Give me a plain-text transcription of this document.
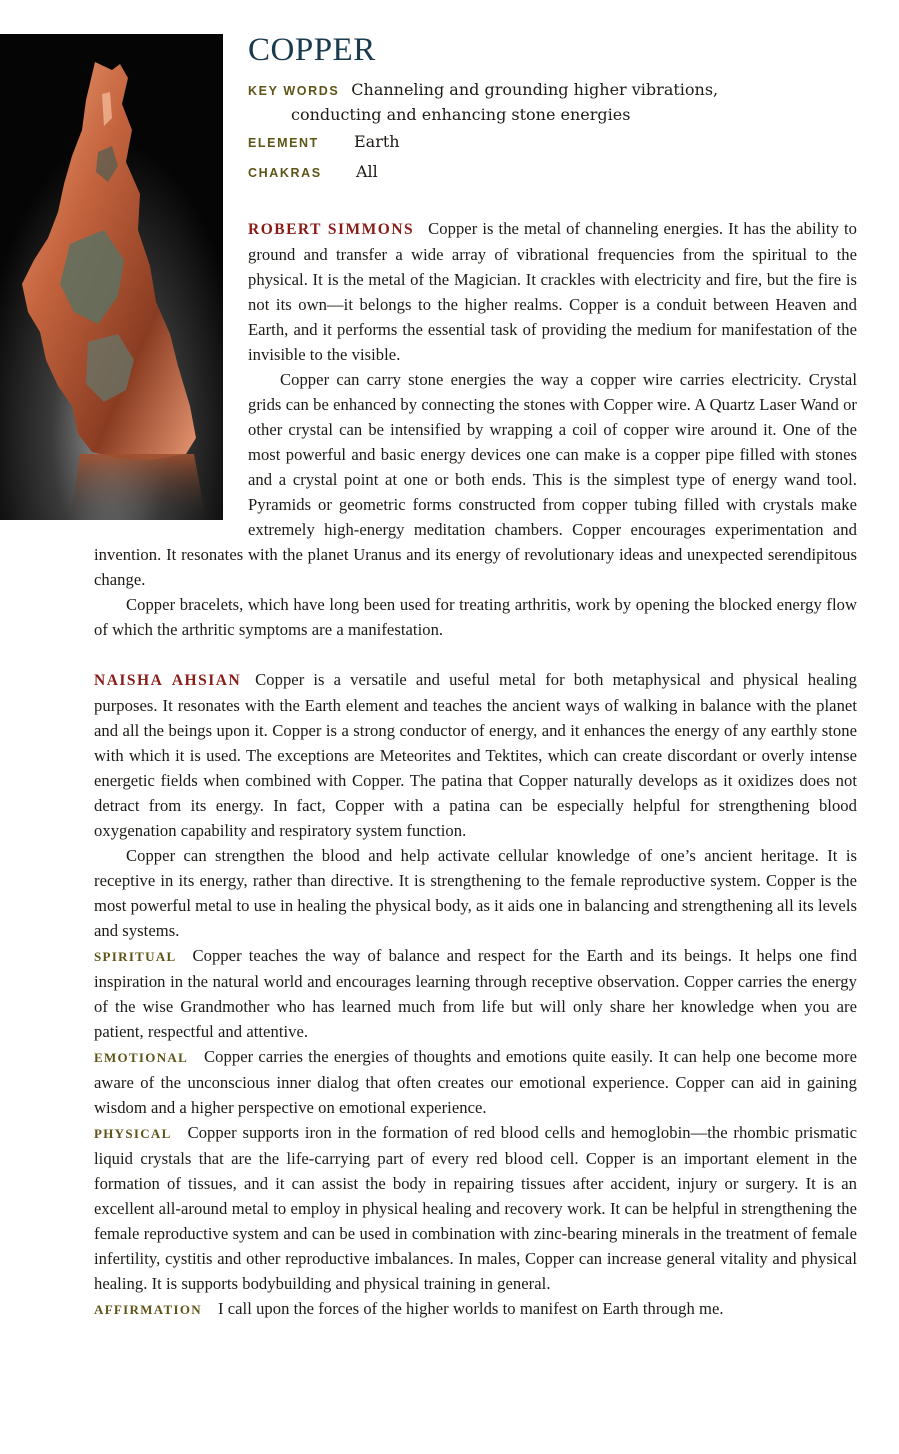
COPPER
KEY WORDS Channeling and grounding higher vibrations,
conducting and enhancing stone energies
ELEMENT Earth
CHAKRAS All

ROBERT SIMMONS Copper is the metal of channeling energies. It has the ability to ground and transfer a wide array of vibrational frequencies from the spiritual to the physical. It is the metal of the Magician. It crackles with electricity and fire, but the fire is not its own—it belongs to the higher realms. Copper is a conduit between Heaven and Earth, and it performs the essential task of providing the medium for manifestation of the invisible to the visible.

Copper can carry stone energies the way a copper wire carries electricity. Crystal grids can be enhanced by connecting the stones with Copper wire. A Quartz Laser Wand or other crystal can be intensified by wrapping a coil of copper wire around it. One of the most powerful and basic energy devices one can make is a copper pipe filled with stones and a crystal point at one or both ends. This is the simplest type of energy wand tool. Pyramids or geometric forms constructed from copper tubing filled with crystals make extremely high-energy meditation chambers. Copper encourages experimentation and invention. It resonates with the planet Uranus and its energy of revolutionary ideas and unexpected serendipitous change.

Copper bracelets, which have long been used for treating arthritis, work by opening the blocked energy flow of which the arthritic symptoms are a manifestation.

NAISHA AHSIAN Copper is a versatile and useful metal for both metaphysical and physical healing purposes. It resonates with the Earth element and teaches the ancient ways of walking in balance with the planet and all the beings upon it. Copper is a strong conductor of energy, and it enhances the energy of any earthly stone with which it is used. The exceptions are Meteorites and Tektites, which can create discordant or overly intense energetic fields when combined with Copper. The patina that Copper naturally develops as it oxidizes does not detract from its energy. In fact, Copper with a patina can be especially helpful for strengthening blood oxygenation capability and respiratory system function.

Copper can strengthen the blood and help activate cellular knowledge of one’s ancient heritage. It is receptive in its energy, rather than directive. It is strengthening to the female reproductive system. Copper is the most powerful metal to use in healing the physical body, as it aids one in balancing and strengthening all its levels and systems.

SPIRITUAL Copper teaches the way of balance and respect for the Earth and its beings. It helps one find inspiration in the natural world and encourages learning through receptive observation. Copper carries the energy of the wise Grandmother who has learned much from life but will only share her knowledge when you are patient, respectful and attentive.

EMOTIONAL Copper carries the energies of thoughts and emotions quite easily. It can help one become more aware of the unconscious inner dialog that often creates our emotional experience. Copper can aid in gaining wisdom and a higher perspective on emotional experience.

PHYSICAL Copper supports iron in the formation of red blood cells and hemoglobin—the rhombic prismatic liquid crystals that are the life-carrying part of every red blood cell. Copper is an important element in the formation of tissues, and it can assist the body in repairing tissues after accident, injury or surgery. It is an excellent all-around metal to employ in physical healing and recovery work. It can be helpful in strengthening the female reproductive system and can be used in combination with zinc-bearing minerals in the treatment of female infertility, cystitis and other reproductive imbalances. In males, Copper can increase general vitality and physical healing. It is supports bodybuilding and physical training in general.

AFFIRMATION I call upon the forces of the higher worlds to manifest on Earth through me.
